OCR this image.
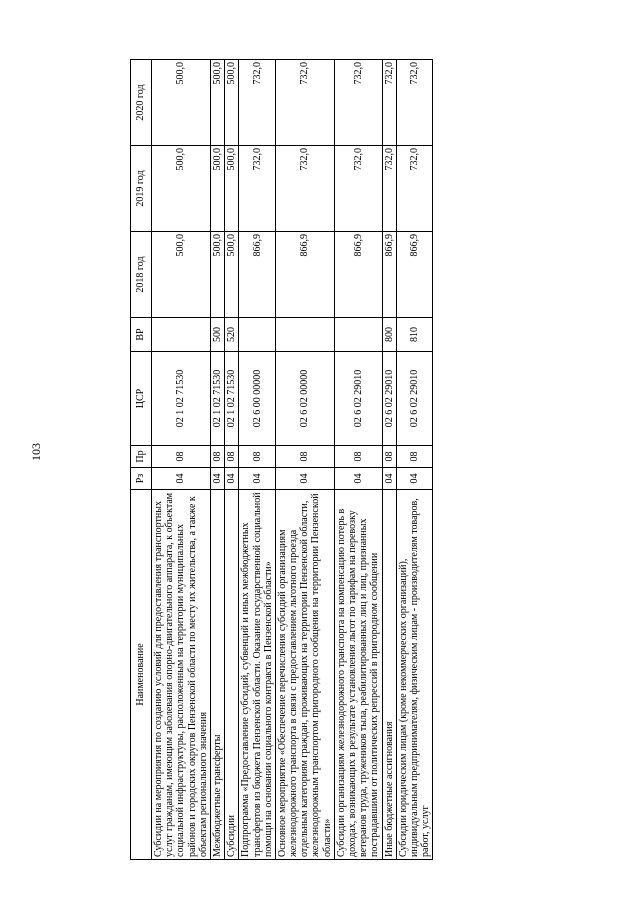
103
Наименование	Рз	Пр	ЦСР	ВР	2018 год	2019 год	2020 год
Субсидии на мероприятия по созданию условий для предоставления транспортных услуг гражданам, имеющим заболевания опорно-двигательного аппарата, к объектам социальной инфраструктуры, расположенным на территории муниципальных районов и городских округов Пензенской области по месту их жительства, а также к объектам регионального значения	04	08	02 1 02 71530		500,0	500,0	500,0
Межбюджетные трансферты	04	08	02 1 02 71530	500	500,0	500,0	500,0
Субсидии	04	08	02 1 02 71530	520	500,0	500,0	500,0
Подпрограмма «Предоставление субсидий, субвенций и иных межбюджетных трансфертов из бюджета Пензенской области. Оказание государственной социальной помощи на основании социального контракта в Пензенской области»	04	08	02 6 00 00000		866,9	732,0	732,0
Основное мероприятие «Обеспечение перечисления субсидий организациям железнодорожного транспорта в связи с предоставлением льготного проезда отдельным категориям граждан, проживающих на территории Пензенской области, железнодорожным транспортом пригородного сообщения на территории Пензенской области»	04	08	02 6 02 00000		866,9	732,0	732,0
Субсидии организациям железнодорожного транспорта на компенсацию потерь в доходах, возникающих в результате установления льгот по тарифам на перевозку ветеранов труда, тружеников тыла, реабилитированных лиц и лиц, признанных пострадавшими от политических репрессий в пригородном сообщении	04	08	02 6 02 29010		866,9	732,0	732,0
Иные бюджетные ассигнования	04	08	02 6 02 29010	800	866,9	732,0	732,0
Субсидии юридическим лицам (кроме некоммерческих организаций), индивидуальным предпринимателям, физическим лицам - производителям товаров, работ, услуг	04	08	02 6 02 29010	810	866,9	732,0	732,0
